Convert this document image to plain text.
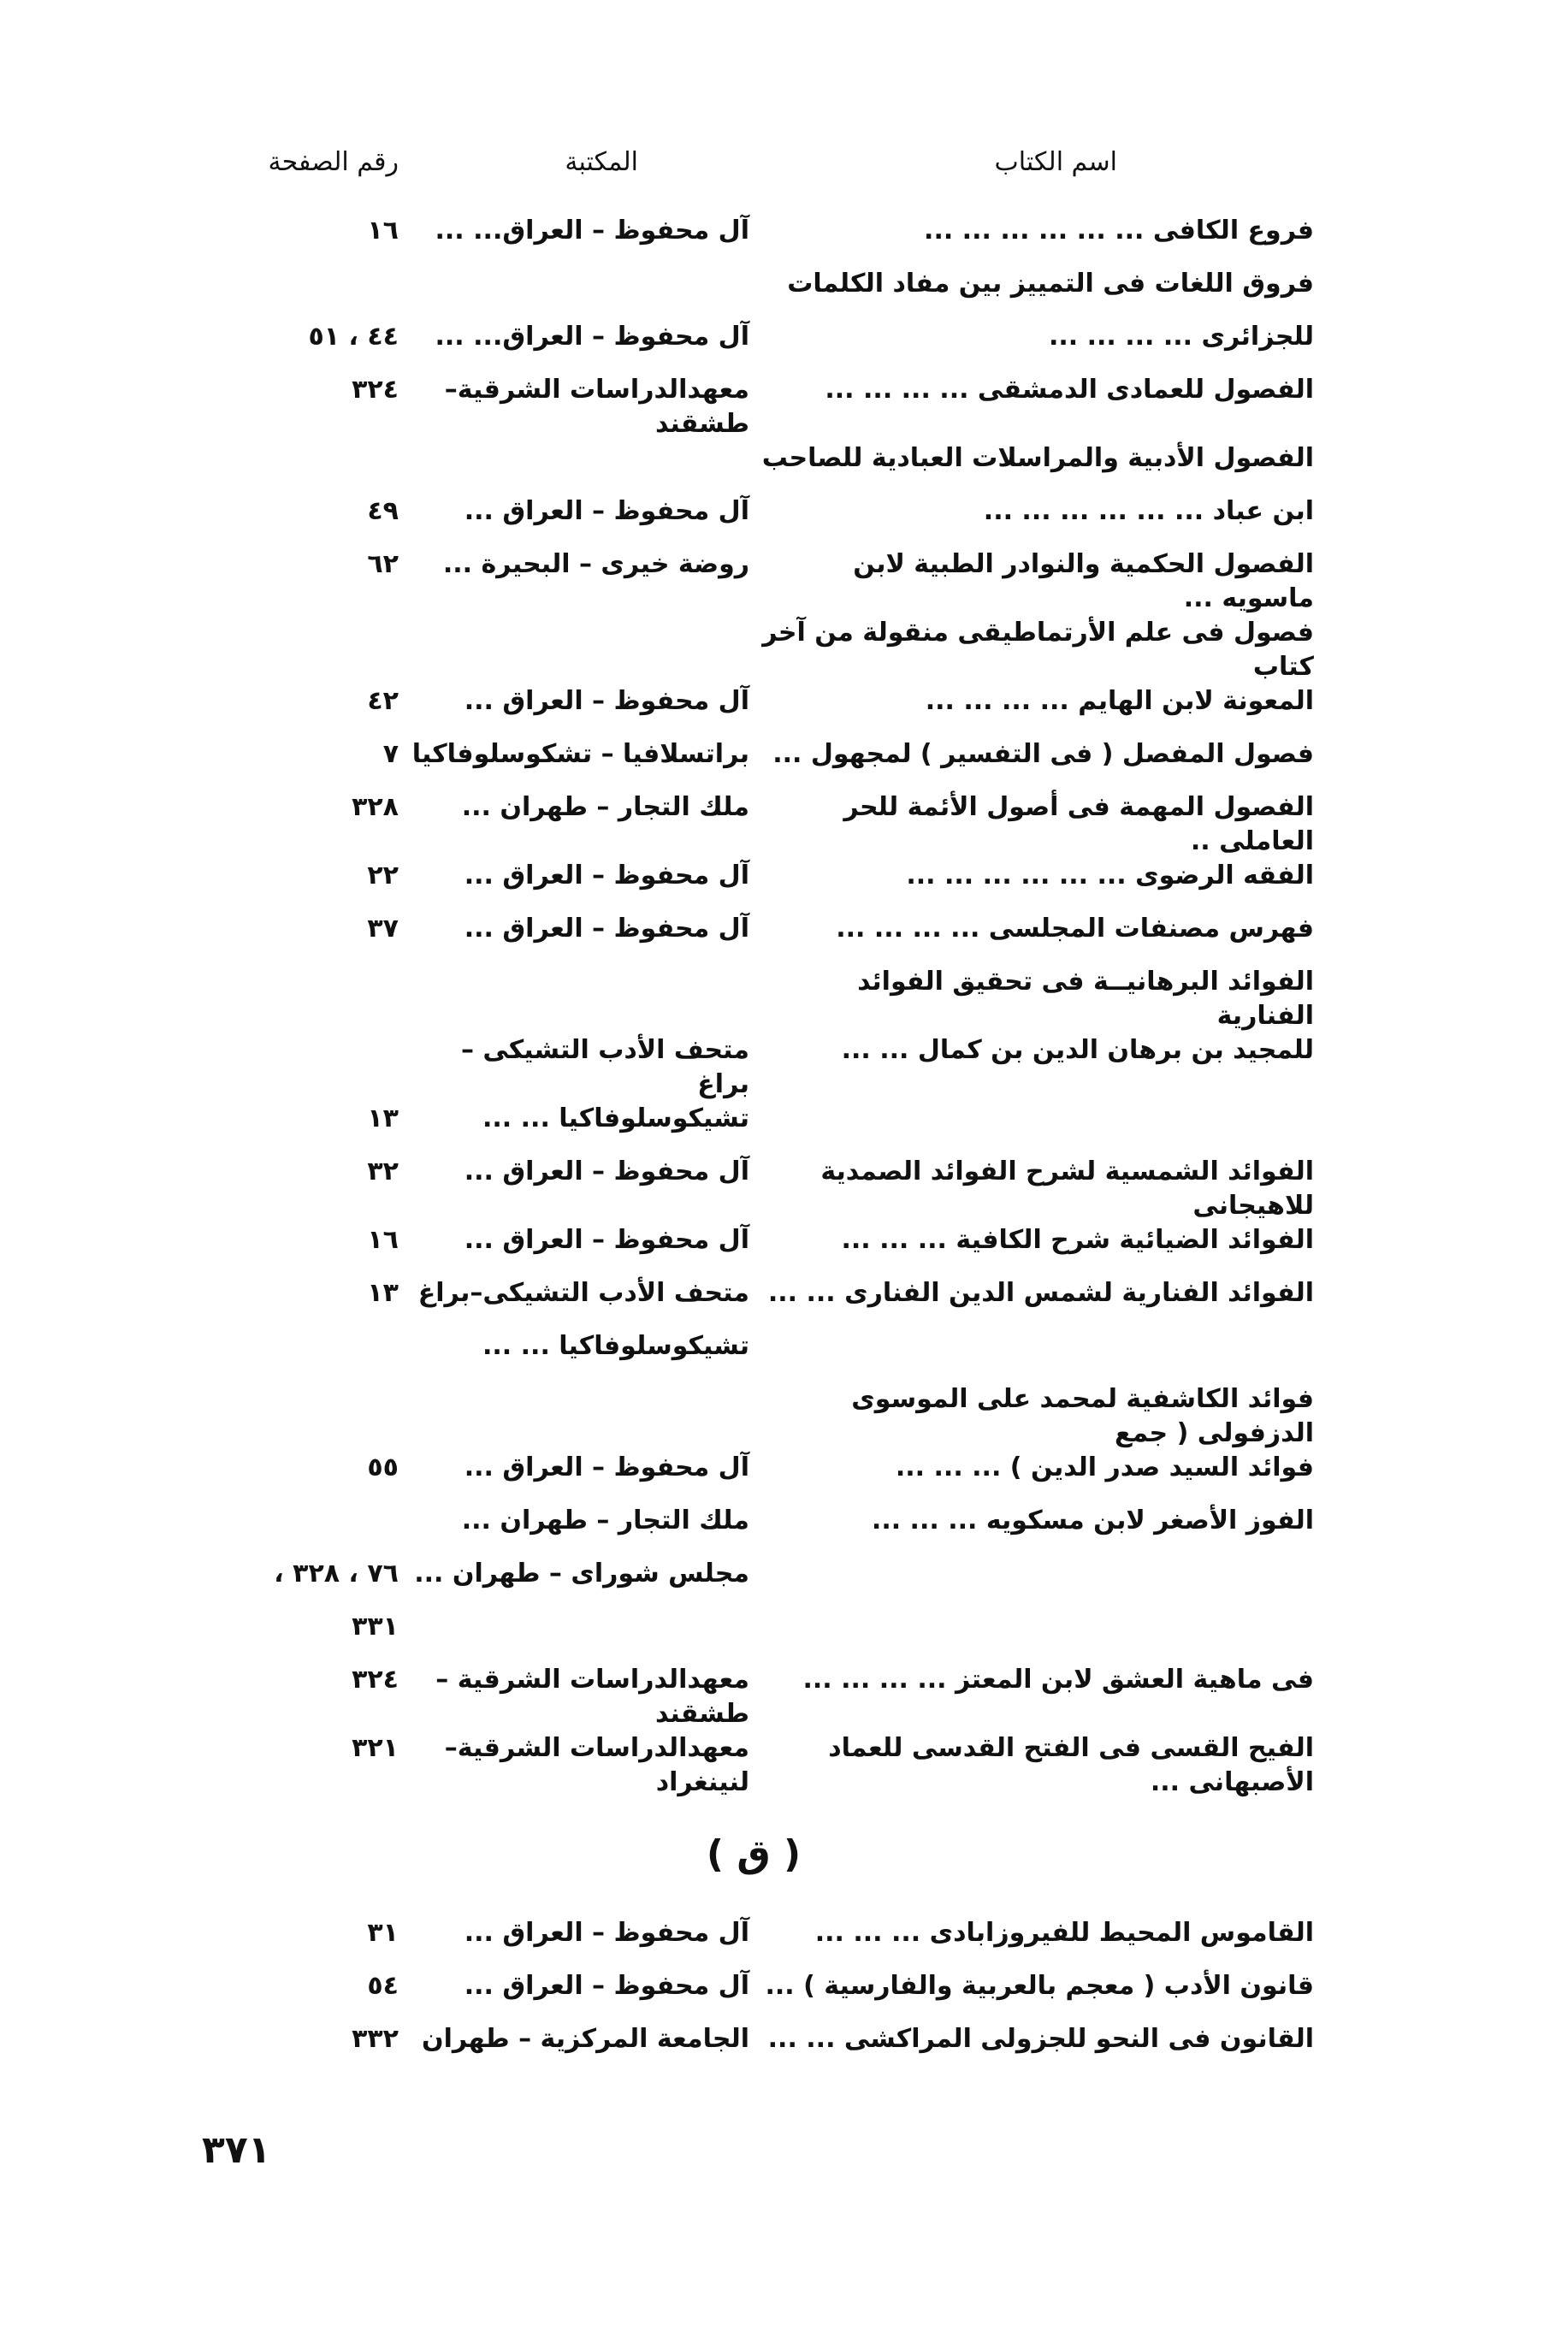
اسم الكتاب
المكتبة
رقم الصفحة
فروع الكافى ... ... ... ... ... ...
آل محفوظ – العراق... ...
١٦
فروق اللغات فى التمييز بين مفاد الكلمات
للجزائرى ... ... ... ...
آل محفوظ – العراق... ...
٤٤ ، ٥١
الفصول للعمادى الدمشقى ... ... ... ...
معهدالدراسات الشرقية–طشقند
٣٢٤
الفصول الأدبية والمراسلات العبادية للصاحب
ابن عباد ... ... ... ... ... ...
آل محفوظ – العراق ...
٤٩
الفصول الحكمية والنوادر الطبية لابن ماسويه ...
روضة خيرى – البحيرة ...
٦٢
فصول فى علم الأرتماطيقى منقولة من آخر كتاب
المعونة لابن الهايم ... ... ... ...
آل محفوظ – العراق ...
٤٢
فصول المفصل ( فى التفسير ) لمجهول ...
براتسلافيا – تشكوسلوفاكيا
٧
الفصول المهمة فى أصول الأئمة للحر العاملى ..
ملك التجار – طهران ...
٣٢٨
الفقه الرضوى ... ... ... ... ... ...
آل محفوظ – العراق ...
٢٢
فهرس مصنفات المجلسى ... ... ... ...
آل محفوظ – العراق ...
٣٧
الفوائد البرهانيــة فى تحقيق الفوائد الفنارية
للمجيد بن برهان الدين بن كمال ... ...
متحف الأدب التشيكى – براغ
تشيكوسلوفاكيا ... ...
١٣
الفوائد الشمسية لشرح الفوائد الصمدية للاهيجانى
آل محفوظ – العراق ...
٣٢
الفوائد الضيائية شرح الكافية ... ... ...
آل محفوظ – العراق ...
١٦
الفوائد الفنارية لشمس الدين الفنارى ... ...
متحف الأدب التشيكى–براغ
١٣
تشيكوسلوفاكيا ... ...
فوائد الكاشفية لمحمد على الموسوى الدزفولى ( جمع
فوائد السيد صدر الدين ) ... ... ...
آل محفوظ – العراق ...
٥٥
الفوز الأصغر لابن مسكويه ... ... ...
ملك التجار – طهران ...
مجلس شوراى – طهران ...
٧٦ ، ٣٢٨ ،
٣٣١
فى ماهية العشق لابن المعتز ... ... ... ...
معهدالدراسات الشرقية – طشقند
٣٢٤
الفيح القسى فى الفتح القدسى للعماد الأصبهانى ...
معهدالدراسات الشرقية–لنينغراد
٣٢١
( ق )
القاموس المحيط للفيروزابادى ... ... ...
آل محفوظ – العراق ...
٣١
قانون الأدب ( معجم بالعربية والفارسية ) ...
آل محفوظ – العراق ...
٥٤
القانون فى النحو للجزولى المراكشى ... ...
الجامعة المركزية – طهران
٣٣٢
٣٧١
